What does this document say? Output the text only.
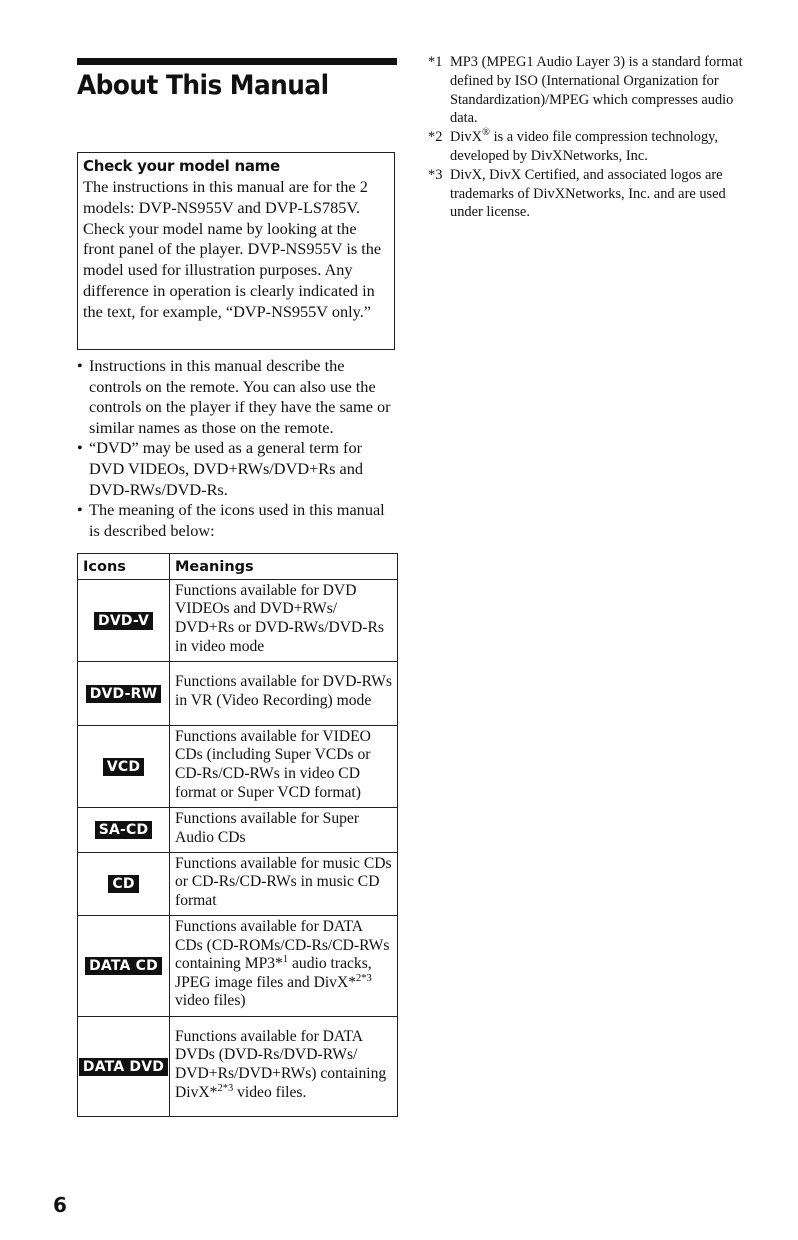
About This Manual
Check your model name
The instructions in this manual are for the 2 models: DVP-NS955V and DVP-LS785V. Check your model name by looking at the front panel of the player. DVP-NS955V is the model used for illustration purposes. Any difference in operation is clearly indicated in the text, for example, “DVP-NS955V only.”
• Instructions in this manual describe the controls on the remote. You can also use the controls on the player if they have the same or similar names as those on the remote.
• “DVD” may be used as a general term for DVD VIDEOs, DVD+RWs/DVD+Rs and DVD-RWs/DVD-Rs.
• The meaning of the icons used in this manual is described below:
Icons	Meanings
DVD-V	Functions available for DVD VIDEOs and DVD+RWs/ DVD+Rs or DVD-RWs/DVD-Rs in video mode
DVD-RW	Functions available for DVD-RWs in VR (Video Recording) mode
VCD	Functions available for VIDEO CDs (including Super VCDs or CD-Rs/CD-RWs in video CD format or Super VCD format)
SA-CD	Functions available for Super Audio CDs
CD	Functions available for music CDs or CD-Rs/CD-RWs in music CD format
DATA CD	Functions available for DATA CDs (CD-ROMs/CD-Rs/CD-RWs containing MP3*$^1$ audio tracks, JPEG image files and DivX*$^{2*3}$ video files)
DATA DVD	Functions available for DATA DVDs (DVD-Rs/DVD-RWs/ DVD+Rs/DVD+RWs) containing DivX*$^{2*3}$ video files.
*1 MP3 (MPEG1 Audio Layer 3) is a standard format defined by ISO (International Organization for Standardization)/MPEG which compresses audio data.
*2 DivX® is a video file compression technology, developed by DivXNetworks, Inc.
*3 DivX, DivX Certified, and associated logos are trademarks of DivXNetworks, Inc. and are used under license.
6
